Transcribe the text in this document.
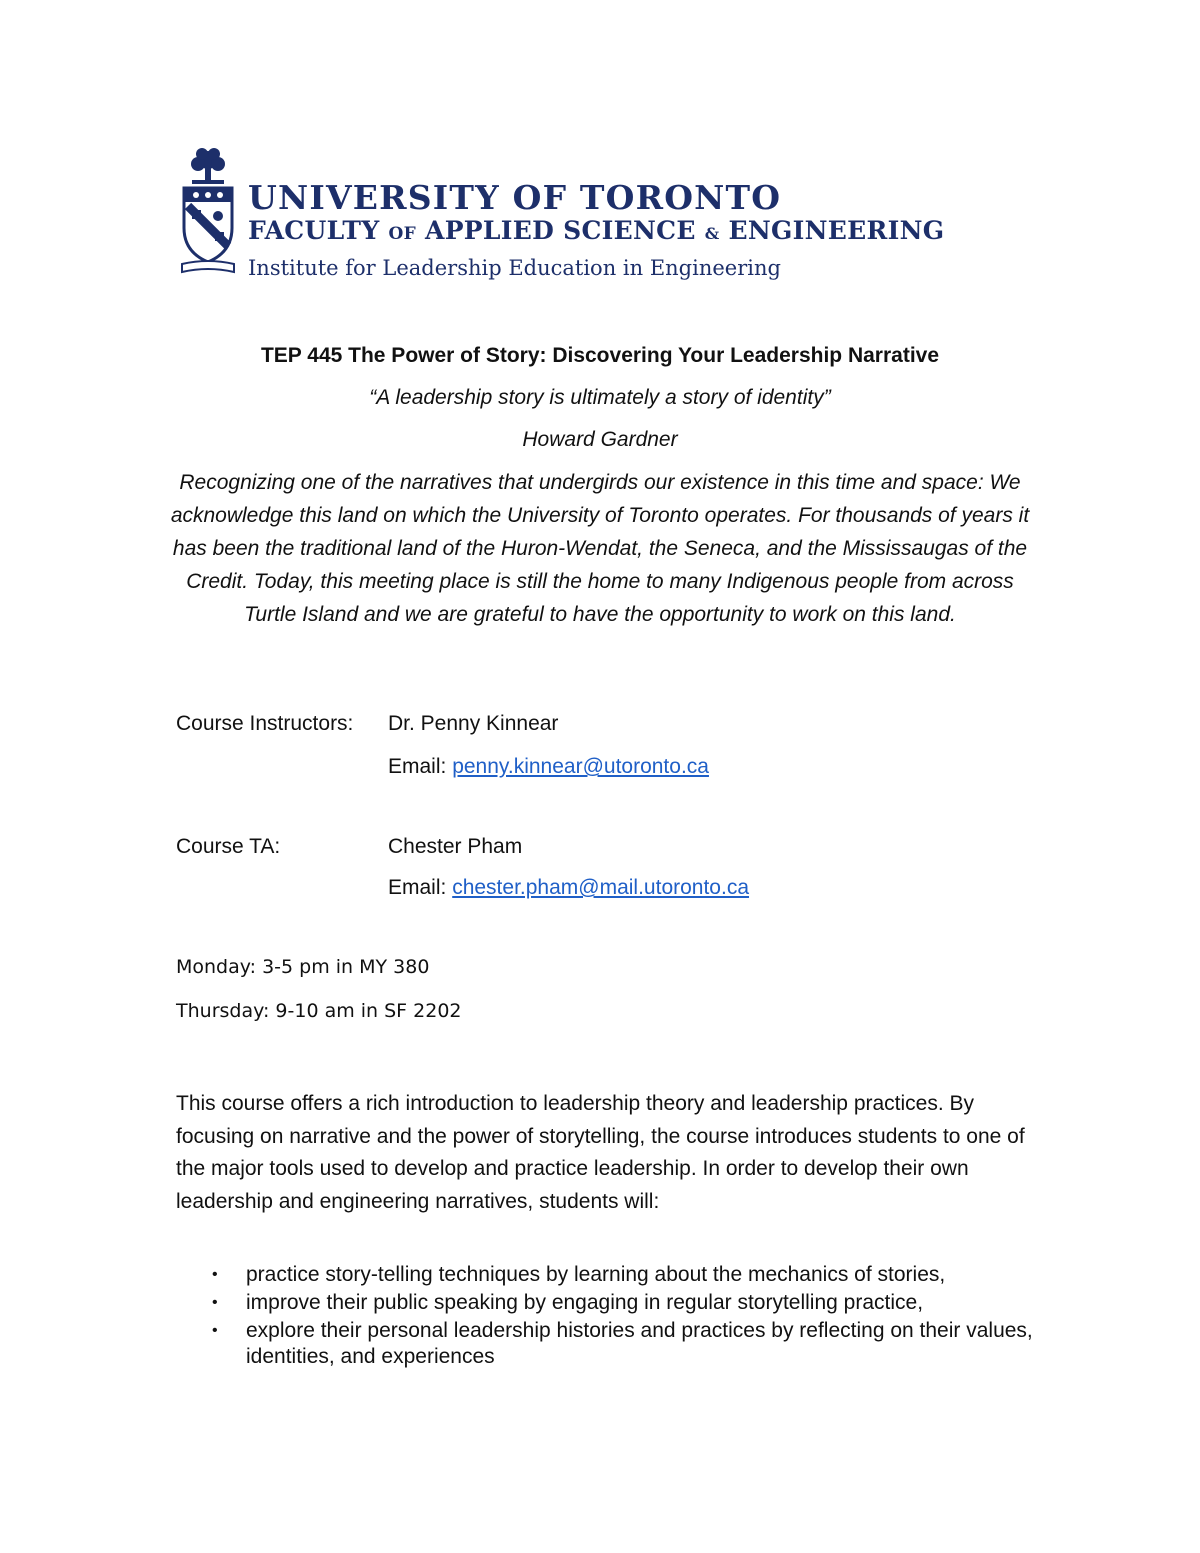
UNIVERSITY OF TORONTO
FACULTY OF APPLIED SCIENCE & ENGINEERING
Institute for Leadership Education in Engineering
TEP 445 The Power of Story: Discovering Your Leadership Narrative
“A leadership story is ultimately a story of identity”
Howard Gardner
Recognizing one of the narratives that undergirds our existence in this time and space: We acknowledge this land on which the University of Toronto operates. For thousands of years it has been the traditional land of the Huron-Wendat, the Seneca, and the Mississaugas of the Credit. Today, this meeting place is still the home to many Indigenous people from across Turtle Island and we are grateful to have the opportunity to work on this land.
Course Instructors: Dr. Penny Kinnear
Email: penny.kinnear@utoronto.ca
Course TA:	Chester Pham
Email: chester.pham@mail.utoronto.ca
Monday: 3-5 pm in MY 380
Thursday: 9-10 am in SF 2202
This course offers a rich introduction to leadership theory and leadership practices. By focusing on narrative and the power of storytelling, the course introduces students to one of the major tools used to develop and practice leadership. In order to develop their own leadership and engineering narratives, students will:
• practice story-telling techniques by learning about the mechanics of stories,
• improve their public speaking by engaging in regular storytelling practice,
• explore their personal leadership histories and practices by reflecting on their values, identities, and experiences
